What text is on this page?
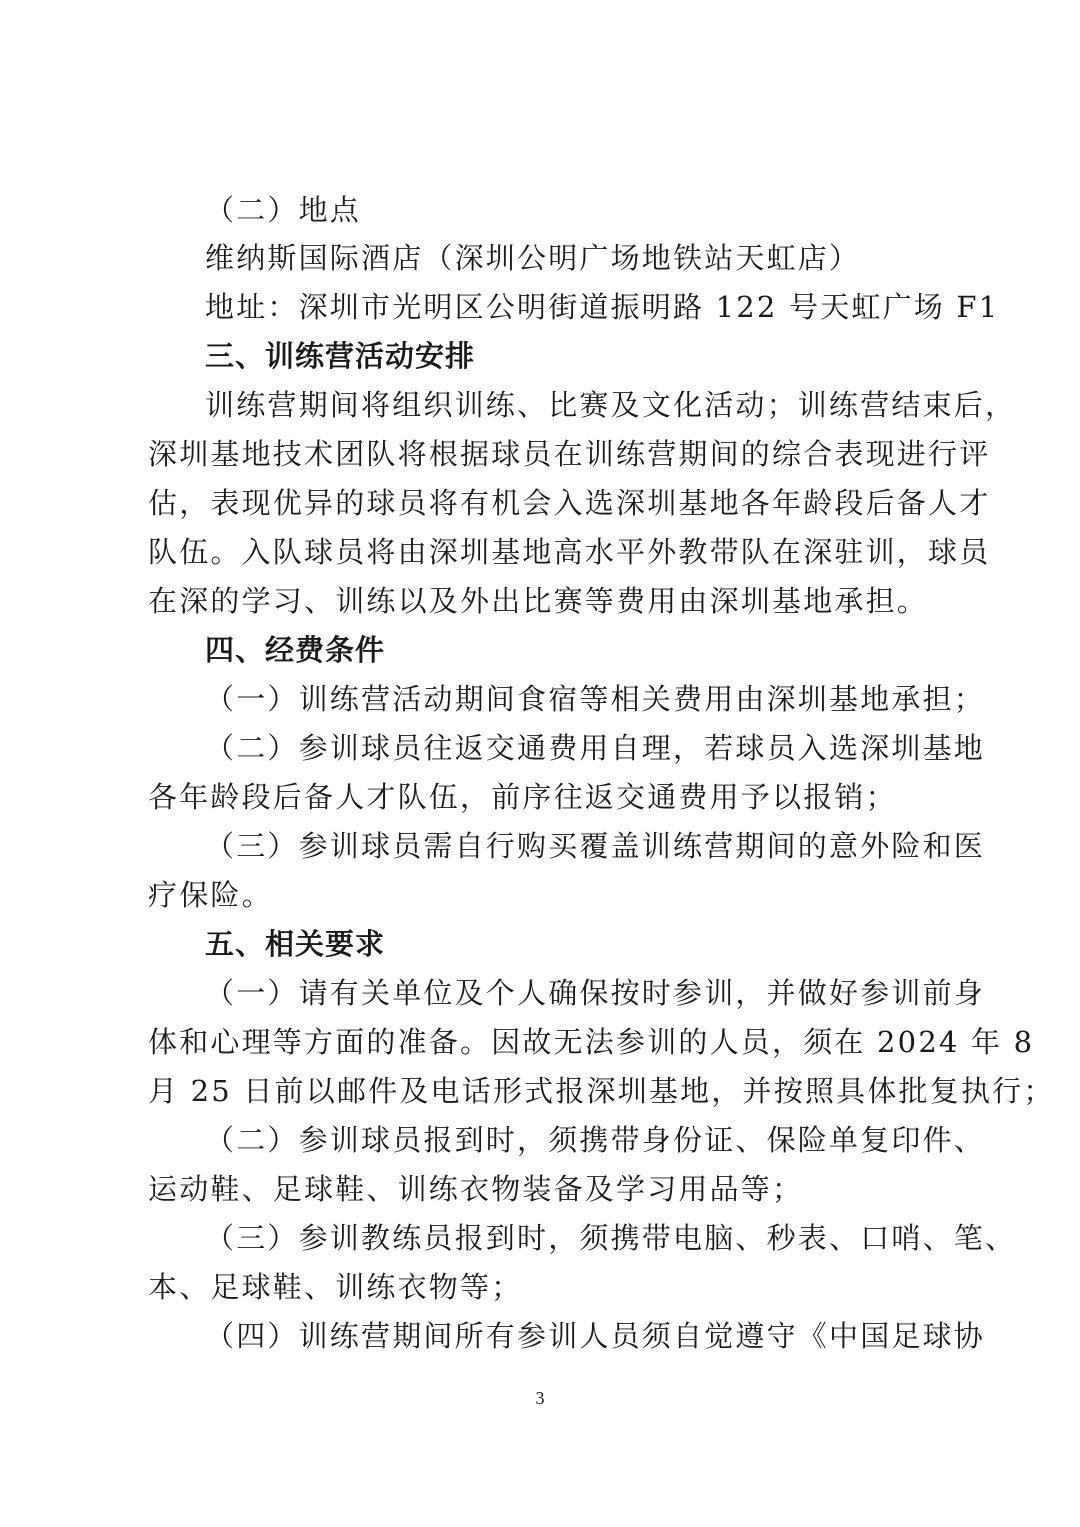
（二）地点
维纳斯国际酒店（深圳公明广场地铁站天虹店）
地址：深圳市光明区公明街道振明路 122 号天虹广场 F1
三、训练营活动安排
训练营期间将组织训练、比赛及文化活动；训练营结束后，
深圳基地技术团队将根据球员在训练营期间的综合表现进行评
估，表现优异的球员将有机会入选深圳基地各年龄段后备人才
队伍。入队球员将由深圳基地高水平外教带队在深驻训，球员
在深的学习、训练以及外出比赛等费用由深圳基地承担。
四、经费条件
（一）训练营活动期间食宿等相关费用由深圳基地承担；
（二）参训球员往返交通费用自理，若球员入选深圳基地
各年龄段后备人才队伍，前序往返交通费用予以报销；
（三）参训球员需自行购买覆盖训练营期间的意外险和医
疗保险。
五、相关要求
（一）请有关单位及个人确保按时参训，并做好参训前身
体和心理等方面的准备。因故无法参训的人员，须在 2024 年 8
月 25 日前以邮件及电话形式报深圳基地，并按照具体批复执行；
（二）参训球员报到时，须携带身份证、保险单复印件、
运动鞋、足球鞋、训练衣物装备及学习用品等；
（三）参训教练员报到时，须携带电脑、秒表、口哨、笔、
本、足球鞋、训练衣物等；
（四）训练营期间所有参训人员须自觉遵守《中国足球协
3
